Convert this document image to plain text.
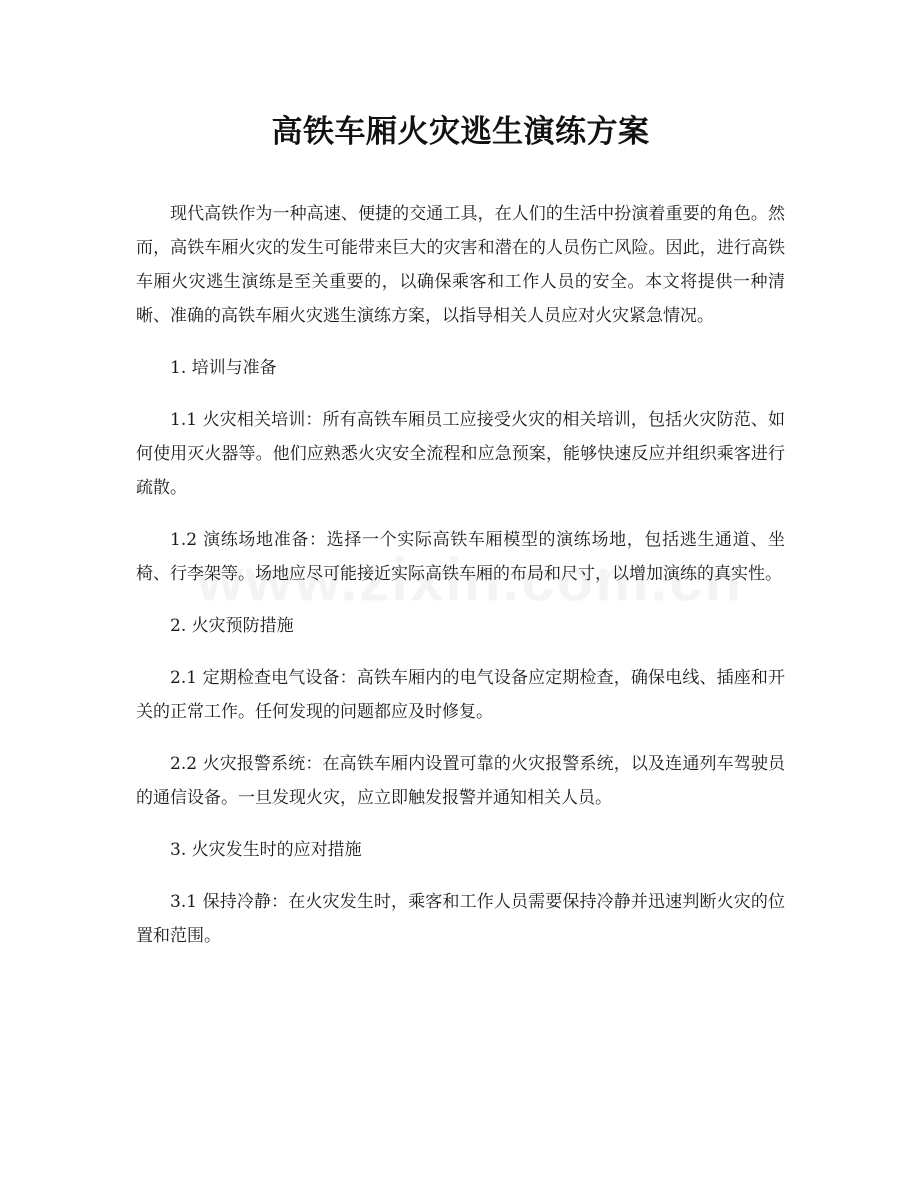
高铁车厢火灾逃生演练方案

现代高铁作为一种高速、便捷的交通工具，在人们的生活中扮演着重要的角色。然而，高铁车厢火灾的发生可能带来巨大的灾害和潜在的人员伤亡风险。因此，进行高铁车厢火灾逃生演练是至关重要的，以确保乘客和工作人员的安全。本文将提供一种清晰、准确的高铁车厢火灾逃生演练方案，以指导相关人员应对火灾紧急情况。

1. 培训与准备

1.1 火灾相关培训：所有高铁车厢员工应接受火灾的相关培训，包括火灾防范、如何使用灭火器等。他们应熟悉火灾安全流程和应急预案，能够快速反应并组织乘客进行疏散。

1.2 演练场地准备：选择一个实际高铁车厢模型的演练场地，包括逃生通道、坐椅、行李架等。场地应尽可能接近实际高铁车厢的布局和尺寸，以增加演练的真实性。

2. 火灾预防措施

2.1 定期检查电气设备：高铁车厢内的电气设备应定期检查，确保电线、插座和开关的正常工作。任何发现的问题都应及时修复。

2.2 火灾报警系统：在高铁车厢内设置可靠的火灾报警系统，以及连通列车驾驶员的通信设备。一旦发现火灾，应立即触发报警并通知相关人员。

3. 火灾发生时的应对措施

3.1 保持冷静：在火灾发生时，乘客和工作人员需要保持冷静并迅速判断火灾的位置和范围。
